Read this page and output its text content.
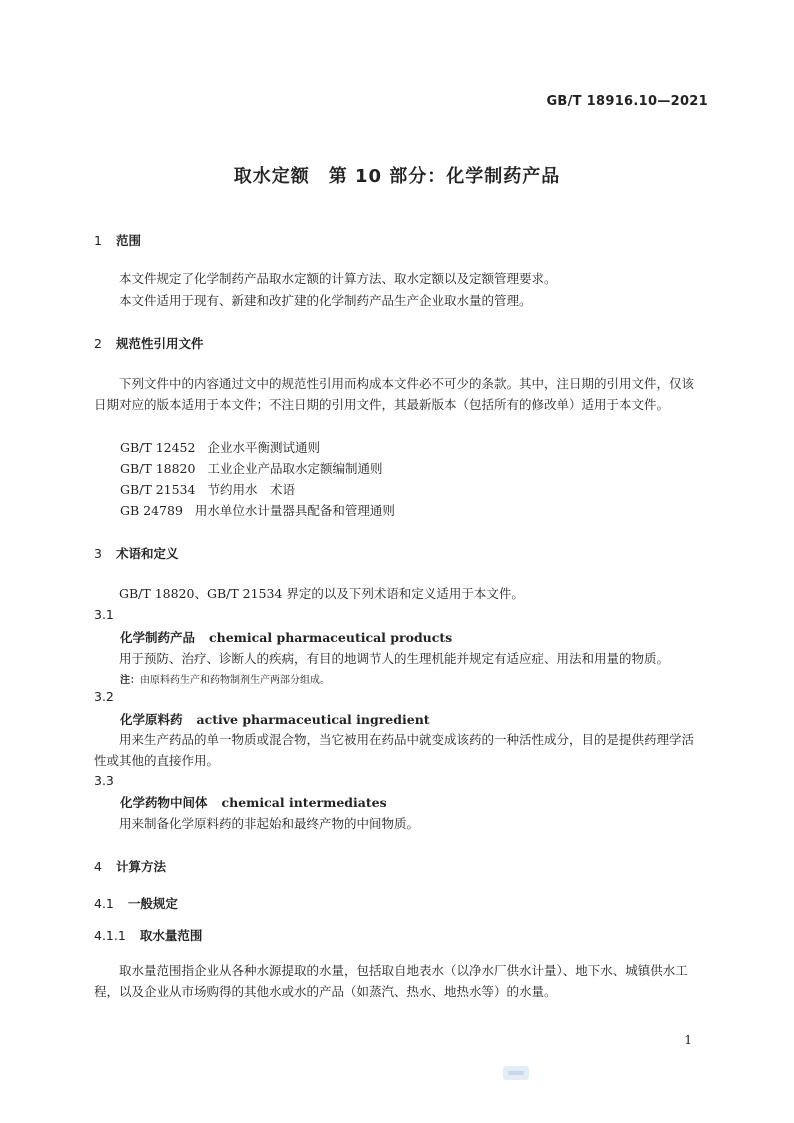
GB/T 18916.10—2021
取水定额　第 10 部分：化学制药产品
1 范围
本文件规定了化学制药产品取水定额的计算方法、取水定额以及定额管理要求。
本文件适用于现有、新建和改扩建的化学制药产品生产企业取水量的管理。
2 规范性引用文件
下列文件中的内容通过文中的规范性引用而构成本文件必不可少的条款。其中，注日期的引用文件，仅该日期对应的版本适用于本文件；不注日期的引用文件，其最新版本（包括所有的修改单）适用于本文件。
GB/T 12452 企业水平衡测试通则
GB/T 18820 工业企业产品取水定额编制通则
GB/T 21534 节约用水　术语
GB 24789 用水单位水计量器具配备和管理通则
3 术语和定义
GB/T 18820、GB/T 21534 界定的以及下列术语和定义适用于本文件。
3.1
化学制药产品 chemical pharmaceutical products
用于预防、治疗、诊断人的疾病，有目的地调节人的生理机能并规定有适应症、用法和用量的物质。
注：由原料药生产和药物制剂生产两部分组成。
3.2
化学原料药 active pharmaceutical ingredient
用来生产药品的单一物质或混合物，当它被用在药品中就变成该药的一种活性成分，目的是提供药理学活性或其他的直接作用。
3.3
化学药物中间体 chemical intermediates
用来制备化学原料药的非起始和最终产物的中间物质。
4 计算方法
4.1 一般规定
4.1.1 取水量范围
取水量范围指企业从各种水源提取的水量，包括取自地表水（以净水厂供水计量）、地下水、城镇供水工程，以及企业从市场购得的其他水或水的产品（如蒸汽、热水、地热水等）的水量。
1
